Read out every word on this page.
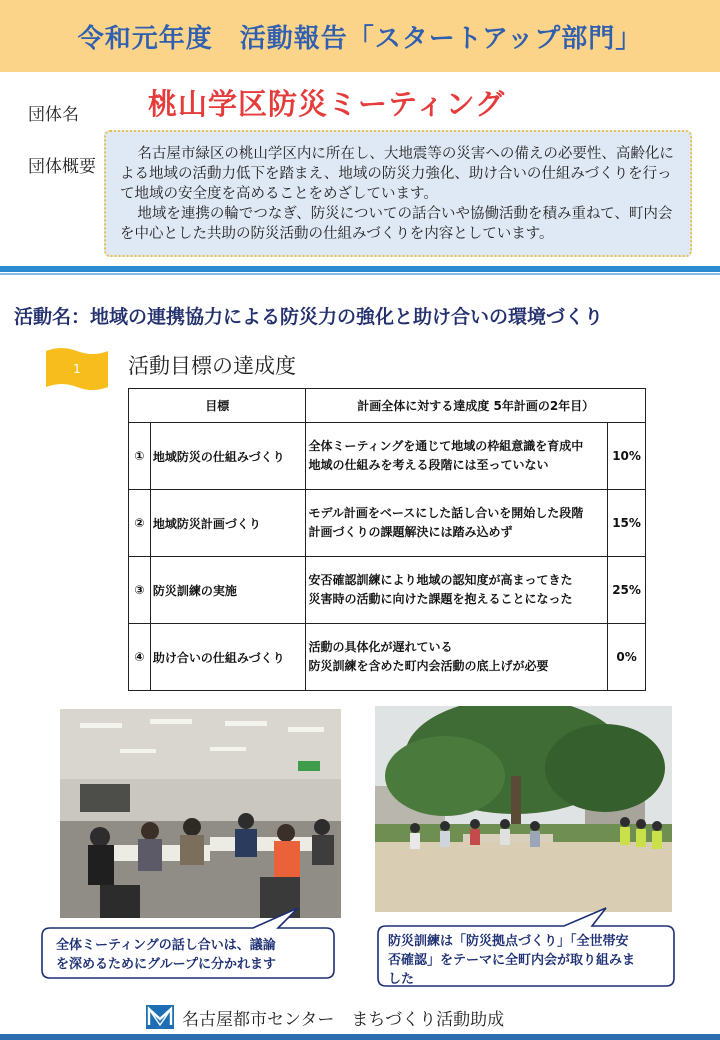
令和元年度　活動報告「スタートアップ部門」
団体名 桃山学区防災ミーティング
団体概要

名古屋市緑区の桃山学区内に所在し、大地震等の災害への備えの必要性、高齢化による地域の活動力低下を踏まえ、地域の防災力強化、助け合いの仕組みづくりを行って地域の安全度を高めることをめざしています。

地域を連携の輪でつなぎ、防災についての話合いや協働活動を積み重ねて、町内会を中心とした共助の防災活動の仕組みづくりを内容としています。

活動名：地域の連携協力による防災力の強化と助け合いの環境づくり
1	活動目標の達成度
目標		計画全体に対する達成度 5年計画の2年目）	
①	地域防災の仕組みづくり	全体ミーティングを通じて地域の枠組意識を育成中
地域の仕組みを考える段階には至っていない	10%
②	地域防災計画づくり	モデル計画をベースにした話し合いを開始した段階
計画づくりの課題解決には踏み込めず	15%
③	防災訓練の実施	安否確認訓練により地域の認知度が高まってきた
災害時の活動に向けた課題を抱えることになった	25%
④	助け合いの仕組みづくり	活動の具体化が遅れている
防災訓練を含めた町内会活動の底上げが必要	0%
全体ミーティングの話し合いは、議論
を深めるためにグループに分かれます
防災訓練は「防災拠点づくり」「全世帯安
否確認」をテーマに全町内会が取り組みま
した
名古屋都市センター　まちづくり活動助成
